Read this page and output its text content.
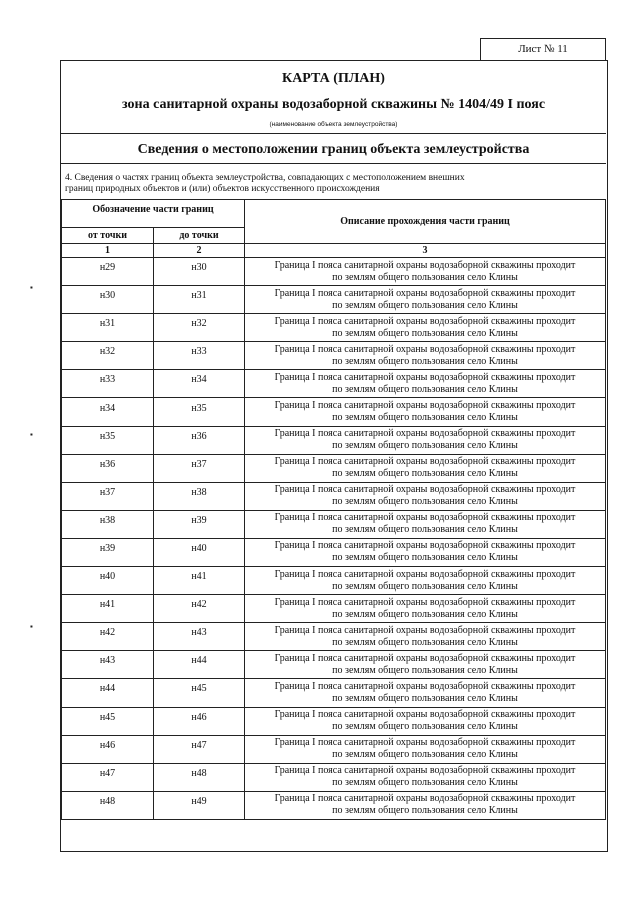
Лист № 11
КАРТА (ПЛАН)
зона санитарной охраны водозаборной скважины № 1404/49 I пояс
(наименование объекта землеустройства)
Сведения о местоположении границ объекта землеустройства
4. Сведения о частях границ объекта землеустройства, совпадающих с местоположением внешних
границ природных объектов и (или) объектов искусственного происхождения
Обозначение части границ		Описание прохождения части границ
от точки	до точки	
1	2	3
н29	н30	Граница I пояса санитарной охраны водозаборной скважины проходит
по землям общего пользования село Клины

н30	н31	Граница I пояса санитарной охраны водозаборной скважины проходит
по землям общего пользования село Клины

н31	н32	Граница I пояса санитарной охраны водозаборной скважины проходит
по землям общего пользования село Клины

н32	н33	Граница I пояса санитарной охраны водозаборной скважины проходит
по землям общего пользования село Клины

н33	н34	Граница I пояса санитарной охраны водозаборной скважины проходит
по землям общего пользования село Клины

н34	н35	Граница I пояса санитарной охраны водозаборной скважины проходит
по землям общего пользования село Клины

н35	н36	Граница I пояса санитарной охраны водозаборной скважины проходит
по землям общего пользования село Клины

н36	н37	Граница I пояса санитарной охраны водозаборной скважины проходит
по землям общего пользования село Клины

н37	н38	Граница I пояса санитарной охраны водозаборной скважины проходит
по землям общего пользования село Клины

н38	н39	Граница I пояса санитарной охраны водозаборной скважины проходит
по землям общего пользования село Клины

н39	н40	Граница I пояса санитарной охраны водозаборной скважины проходит
по землям общего пользования село Клины

н40	н41	Граница I пояса санитарной охраны водозаборной скважины проходит
по землям общего пользования село Клины

н41	н42	Граница I пояса санитарной охраны водозаборной скважины проходит
по землям общего пользования село Клины

н42	н43	Граница I пояса санитарной охраны водозаборной скважины проходит
по землям общего пользования село Клины

н43	н44	Граница I пояса санитарной охраны водозаборной скважины проходит
по землям общего пользования село Клины

н44	н45	Граница I пояса санитарной охраны водозаборной скважины проходит
по землям общего пользования село Клины

н45	н46	Граница I пояса санитарной охраны водозаборной скважины проходит
по землям общего пользования село Клины

н46	н47	Граница I пояса санитарной охраны водозаборной скважины проходит
по землям общего пользования село Клины

н47	н48	Граница I пояса санитарной охраны водозаборной скважины проходит
по землям общего пользования село Клины

н48	н49	Граница I пояса санитарной охраны водозаборной скважины проходит
по землям общего пользования село Клины
▪
▪
▪
